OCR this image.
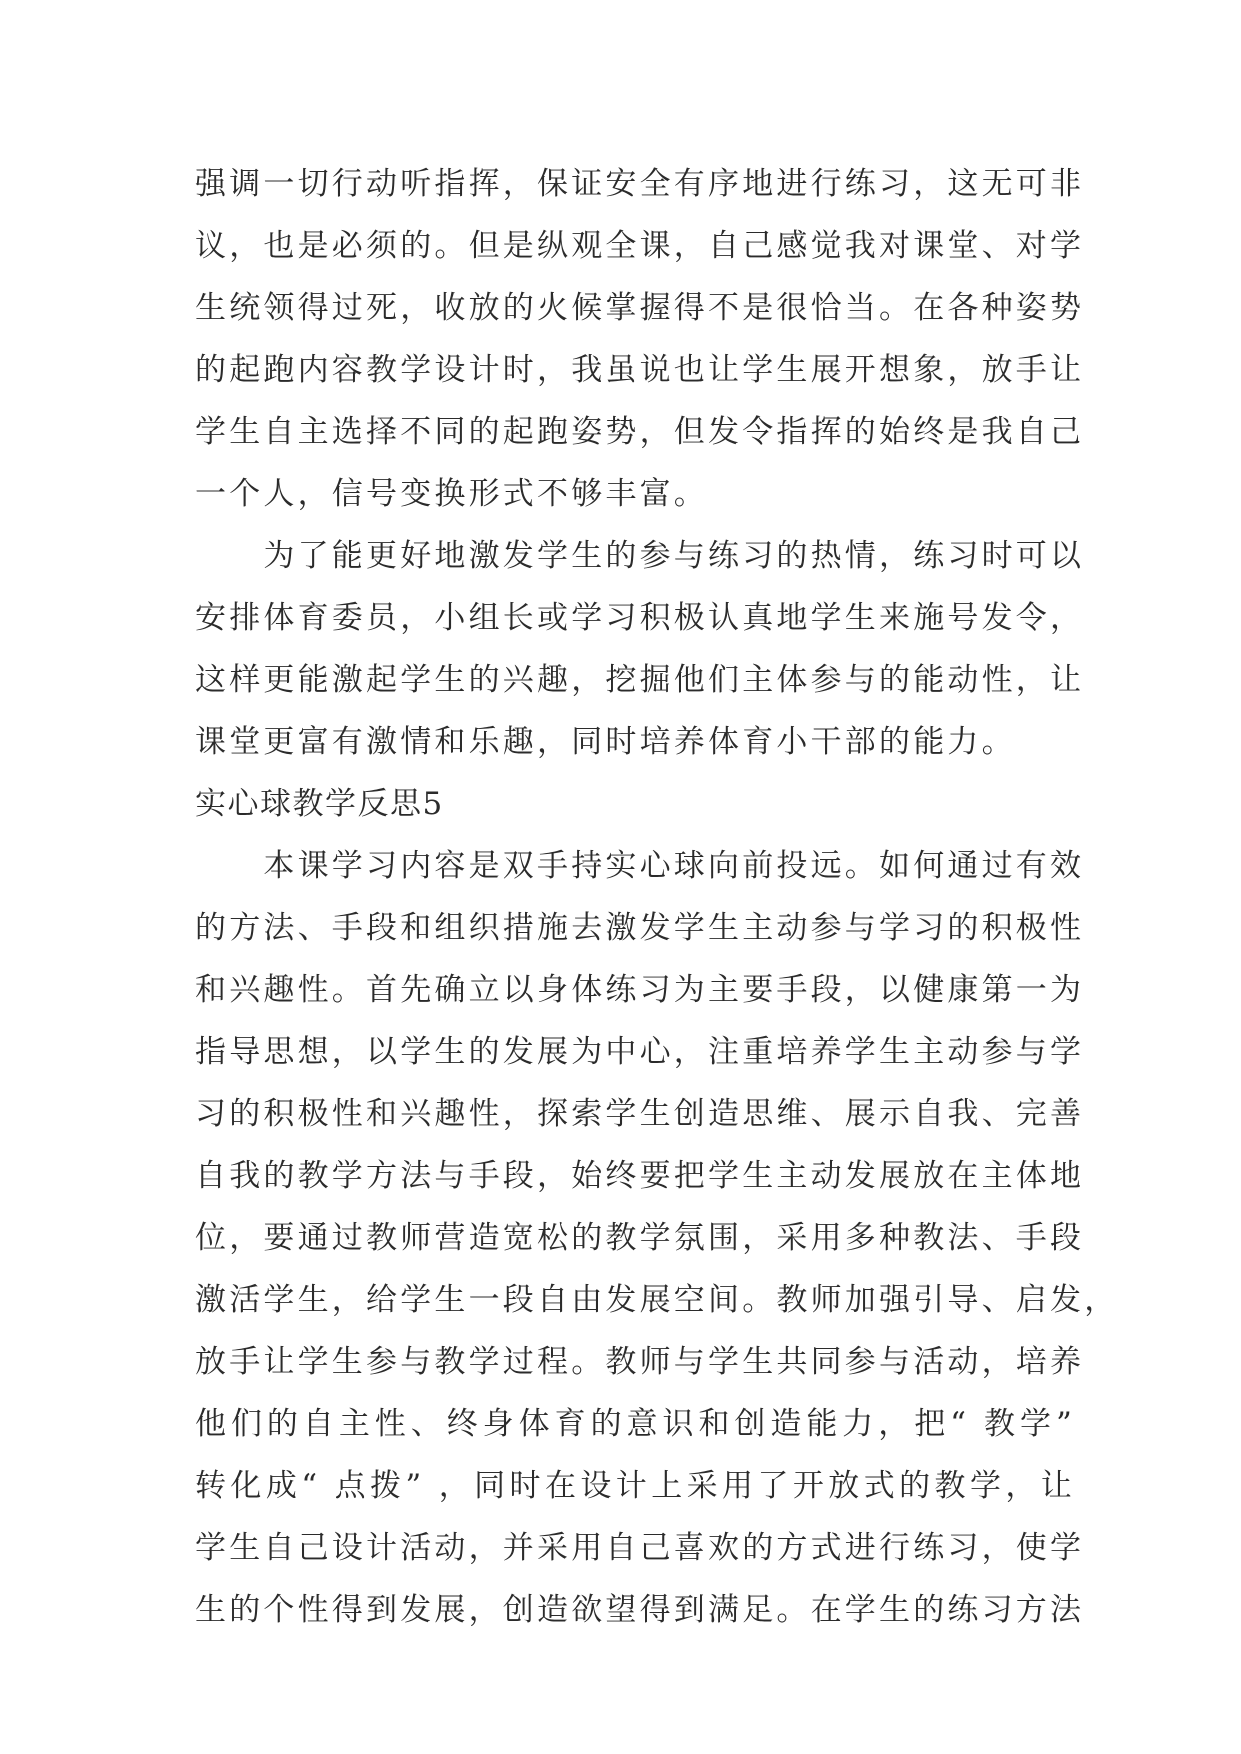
强调一切行动听指挥，保证安全有序地进行练习，这无可非
议，也是必须的。但是纵观全课，自己感觉我对课堂、对学
生统领得过死，收放的火候掌握得不是很恰当。在各种姿势
的起跑内容教学设计时，我虽说也让学生展开想象，放手让
学生自主选择不同的起跑姿势，但发令指挥的始终是我自己
一个人，信号变换形式不够丰富。
　　为了能更好地激发学生的参与练习的热情，练习时可以
安排体育委员，小组长或学习积极认真地学生来施号发令，
这样更能激起学生的兴趣，挖掘他们主体参与的能动性，让
课堂更富有激情和乐趣，同时培养体育小干部的能力。
实心球教学反思5
　　本课学习内容是双手持实心球向前投远。如何通过有效
的方法、手段和组织措施去激发学生主动参与学习的积极性
和兴趣性。首先确立以身体练习为主要手段，以健康第一为
指导思想，以学生的发展为中心，注重培养学生主动参与学
习的积极性和兴趣性，探索学生创造思维、展示自我、完善
自我的教学方法与手段，始终要把学生主动发展放在主体地
位，要通过教师营造宽松的教学氛围，采用多种教法、手段
激活学生，给学生一段自由发展空间。教师加强引导、启发，
放手让学生参与教学过程。教师与学生共同参与活动，培养
他们的自主性、终身体育的意识和创造能力，把“ 教学”
转化成“ 点拨” ，同时在设计上采用了开放式的教学，让
学生自己设计活动，并采用自己喜欢的方式进行练习，使学
生的个性得到发展，创造欲望得到满足。在学生的练习方法
